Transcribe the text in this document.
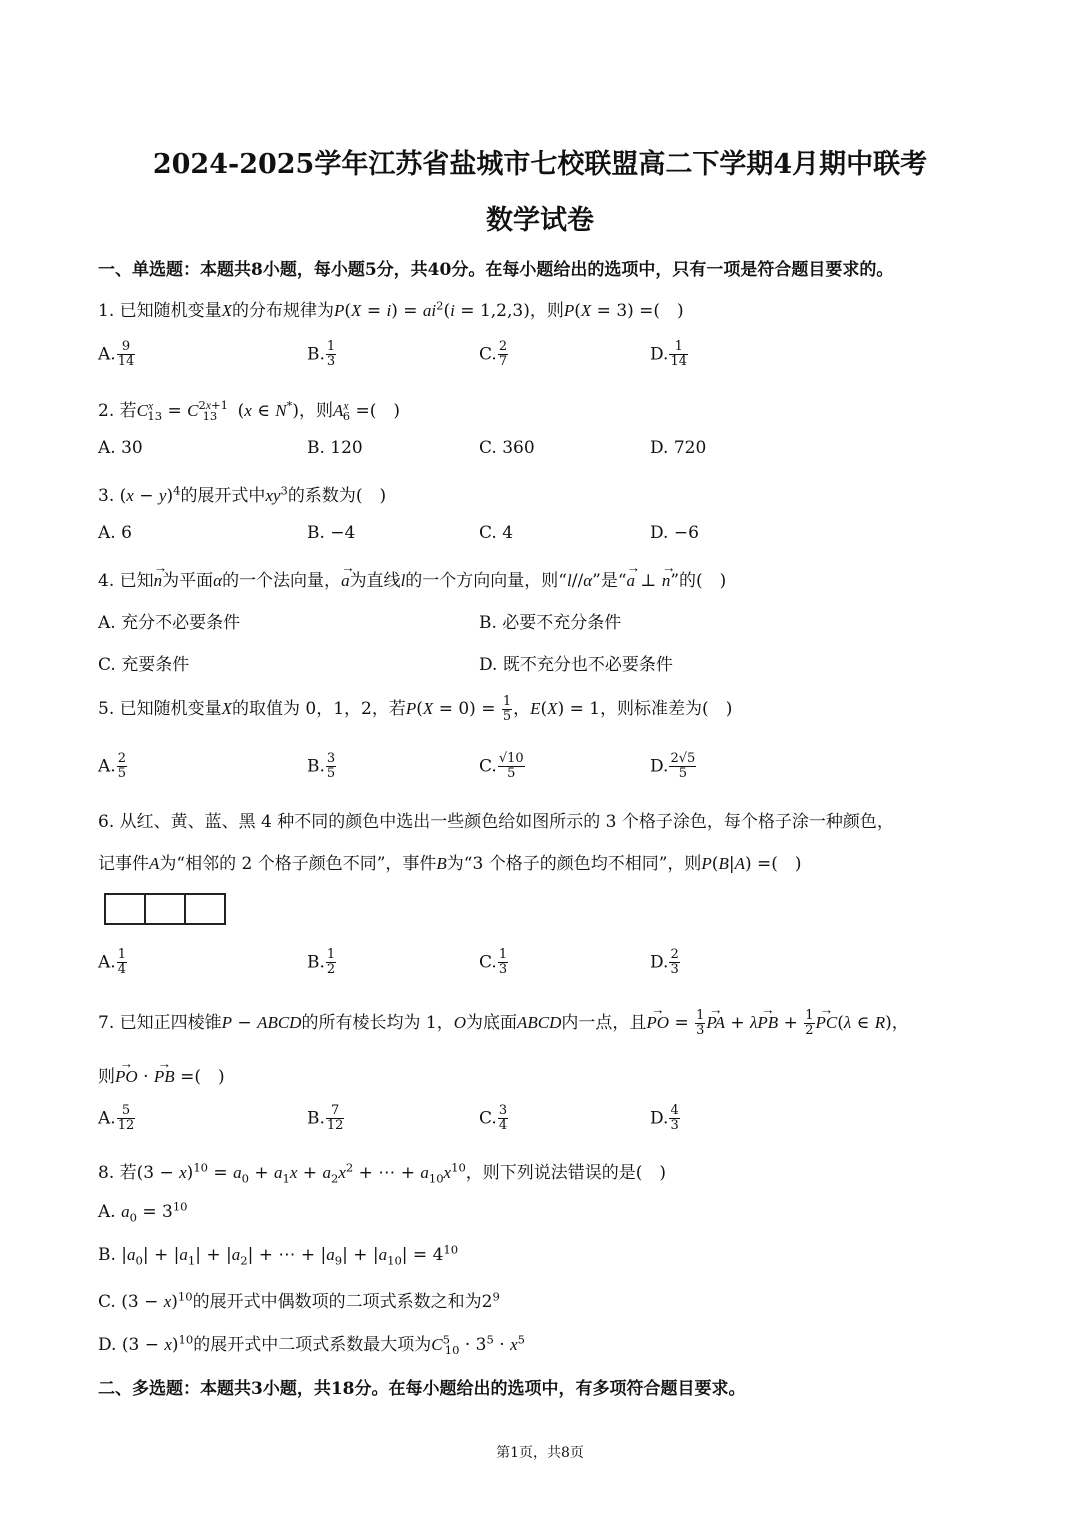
2024-2025学年江苏省盐城市七校联盟高二下学期4月期中联考
数学试卷
一、单选题：本题共8小题，每小题5分，共40分。在每小题给出的选项中，只有一项是符合题目要求的。
1. 已知随机变量X的分布规律为$P(X = i) = ai^2(i = 1,2,3)$，则P(X = 3) =(　)
A. $\frac{9}{14}$	B. $\frac{1}{3}$	C. $\frac{2}{7}$	D. $\frac{1}{14}$
2. 若$C^x_{13} = C^{2x+1}_{13}$ (x ∈ N*)，则$A^x_6$ =(　)
A. 30	B. 120	C. 360	D. 720
3. $(x - y)^4$的展开式中$xy^3$的系数为(　)
A. 6	B. −4	C. 4	D. −6
4. 已知→ n为平面α的一个法向量，→ a为直线l的一个方向向量，则“l//α”是“→ a ⊥ → n”的(　)
A. 充分不必要条件	B. 必要不充分条件
C. 充要条件	D. 既不充分也不必要条件
5. 已知随机变量X的取值为 0，1，2，若$P(X = 0) = \frac{1}{5}$ ，E(X) = 1，则标准差为(　)
A. $\frac{2}{5}$	B. $\frac{3}{5}$	C. $\frac{√10}{5}$	D. $\frac{2√5}{5}$
6. 从红、黄、蓝、黑 4 种不同的颜色中选出一些颜色给如图所示的 3 个格子涂色，每个格子涂一种颜色，
记事件A为“相邻的 2 个格子颜色不同”，事件B为“3 个格子的颜色均不相同”，则P(B|A) =(　)
A. $\frac{1}{4}$	B. $\frac{1}{2}$	C. $\frac{1}{3}$	D. $\frac{2}{3}$
7. 已知正四棱锥P − ABCD的所有棱长均为 1，O为底面ABCD内一点，且→ PO = $\frac{1}{3}$ → PA + λ→ PB + $\frac{1}{2} \to PC(\lambda$ ∈ R)，
则→ PO · → PB =(　)
A. $\frac{5}{12}$	B. $\frac{7}{12}$	C. $\frac{3}{4}$	D. $\frac{4}{3}$
8. 若$(3 - x)^{10} = a_0 + a_1x + a_2x^2$ + ⋯ + $a_{10}x^{10}$，则下列说法错误的是(　)
A. $a_0 = 3^{10}$
B. $|a_0| + |a_1| + |a_2|$ + ⋯ + $|a_9| + |a_{10}| = 4^{10}$
C. $(3 - x)^{10}$的展开式中偶数项的二项式系数之和为$2^9$
D. $(3 - x)^{10}$的展开式中二项式系数最大项为$C^5_{10} \cdot 3^5 \cdot x^5$
二、多选题：本题共3小题，共18分。在每小题给出的选项中，有多项符合题目要求。
第1页，共8页
